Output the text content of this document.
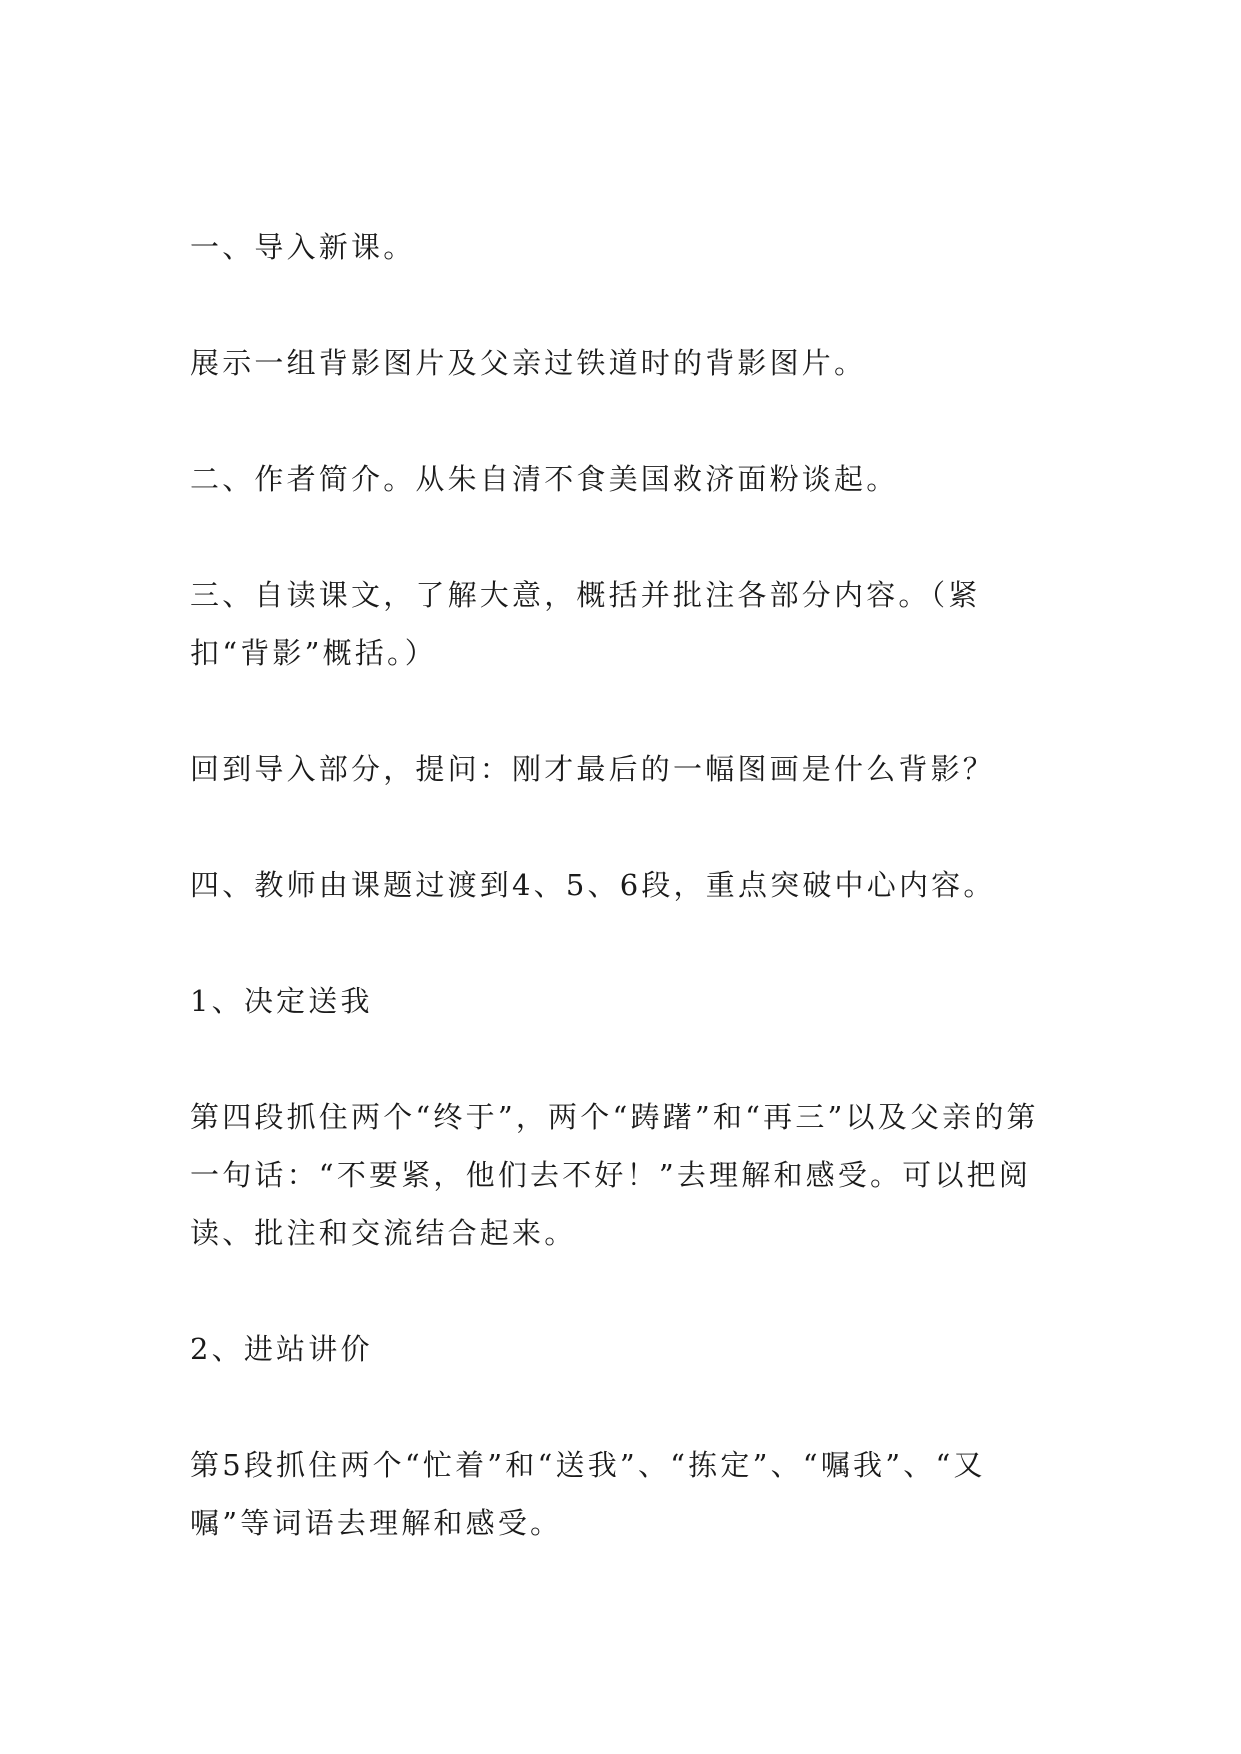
一、导入新课。

展示一组背影图片及父亲过铁道时的背影图片。

二、作者简介。从朱自清不食美国救济面粉谈起。

三、自读课文，了解大意，概括并批注各部分内容。（紧扣“背影”概括。）

回到导入部分，提问：刚才最后的一幅图画是什么背影？

四、教师由课题过渡到4、5、6段，重点突破中心内容。

1、决定送我

第四段抓住两个“终于”，两个“踌躇”和“再三”以及父亲的第一句话：“不要紧，他们去不好！”去理解和感受。可以把阅读、批注和交流结合起来。

2、进站讲价

第5段抓住两个“忙着”和“送我”、“拣定”、“嘱我”、“又嘱”等词语去理解和感受。
